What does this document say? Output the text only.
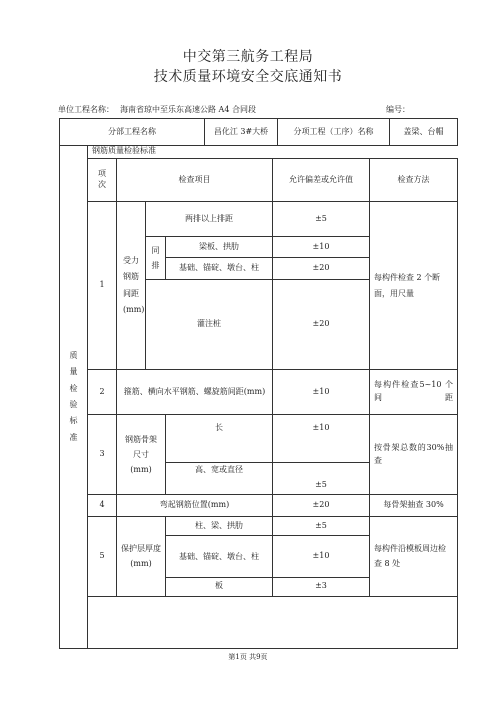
中交第三航务工程局
技术质量环境安全交底通知书
单位工程名称： 海南省琼中至乐东高速公路 A4 合同段	编号：
分部工程名称	昌化江 3#大桥	分项工程（工序）名称	盖梁、台帽
质量检验标准	钢筋质量检验标准					
	项次	检查项目			允许偏差或允许值	检查方法

	1	受力钢筋间距(mm)	两排以上排距		±5	每构件检查 2 个断面，用尺量
			同排	梁板、拱肋	±10	
				基础、锚碇、墩台、柱	±20	
			灌注桩		±20	
	2	箍筋、横向水平钢筋、螺旋筋间距(mm)			±10	每构件检查5~10 个间距
	3	钢筋骨架尺寸(mm)		长	±10	按骨架总数的30%抽查
				高、宽或直径	±5	
	4	弯起钢筋位置(mm)			±20	每骨架抽查 30%
	5	保护层厚度(mm)		柱、梁、拱肋	±5	每构件沿模板周边检查 8 处
				基础、锚碇、墩台、柱	±10	
				板	±3	

第1页 共9页
